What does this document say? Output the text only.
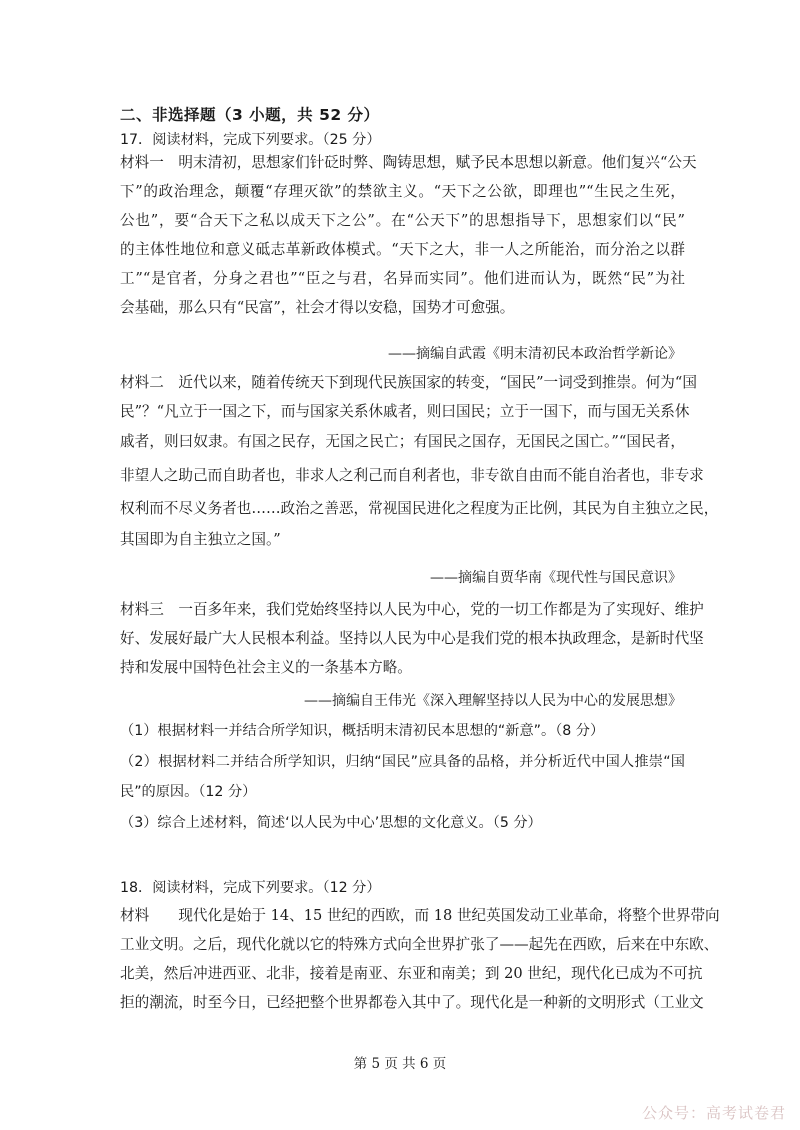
二、非选择题（3 小题，共 52 分）
17．阅读材料，完成下列要求。（25 分）
材料一　明末清初，思想家们针砭时弊、陶铸思想，赋予民本思想以新意。他们复兴“公天
下”的政治理念，颠覆“存理灭欲”的禁欲主义。“天下之公欲，即理也”“生民之生死，
公也”，要“合天下之私以成天下之公”。在“公天下”的思想指导下，思想家们以“民”
的主体性地位和意义砥志革新政体模式。“天下之大，非一人之所能治，而分治之以群
工”“是官者，分身之君也”“臣之与君，名异而实同”。他们进而认为，既然“民”为社
会基础，那么只有“民富”，社会才得以安稳，国势才可愈强。
——摘编自武霞《明末清初民本政治哲学新论》
材料二　近代以来，随着传统天下到现代民族国家的转变，“国民”一词受到推崇。何为“国
民”？“凡立于一国之下，而与国家关系休戚者，则曰国民；立于一国下，而与国无关系休
戚者，则曰奴隶。有国之民存，无国之民亡；有国民之国存，无国民之国亡。”“国民者，
非望人之助己而自助者也，非求人之利己而自利者也，非专欲自由而不能自治者也，非专求
权利而不尽义务者也……政治之善恶，常视国民进化之程度为正比例，其民为自主独立之民，
其国即为自主独立之国。”
——摘编自贾华南《现代性与国民意识》
材料三　一百多年来，我们党始终坚持以人民为中心，党的一切工作都是为了实现好、维护
好、发展好最广大人民根本利益。坚持以人民为中心是我们党的根本执政理念，是新时代坚
持和发展中国特色社会主义的一条基本方略。
——摘编自王伟光《深入理解坚持以人民为中心的发展思想》
（1）根据材料一并结合所学知识，概括明末清初民本思想的“新意”。（8 分）
（2）根据材料二并结合所学知识，归纳“国民”应具备的品格，并分析近代中国人推崇“国
民”的原因。（12 分）
（3）综合上述材料，简述‘以人民为中心’思想的文化意义。（5 分）
18．阅读材料，完成下列要求。（12 分）
材料　　现代化是始于 14、15 世纪的西欧，而 18 世纪英国发动工业革命，将整个世界带向
工业文明。之后，现代化就以它的特殊方式向全世界扩张了——起先在西欧，后来在中东欧、
北美，然后冲进西亚、北非，接着是南亚、东亚和南美；到 20 世纪，现代化已成为不可抗
拒的潮流，时至今日，已经把整个世界都卷入其中了。现代化是一种新的文明形式（工业文
第 5 页 共 6 页
公众号：高考试卷君
